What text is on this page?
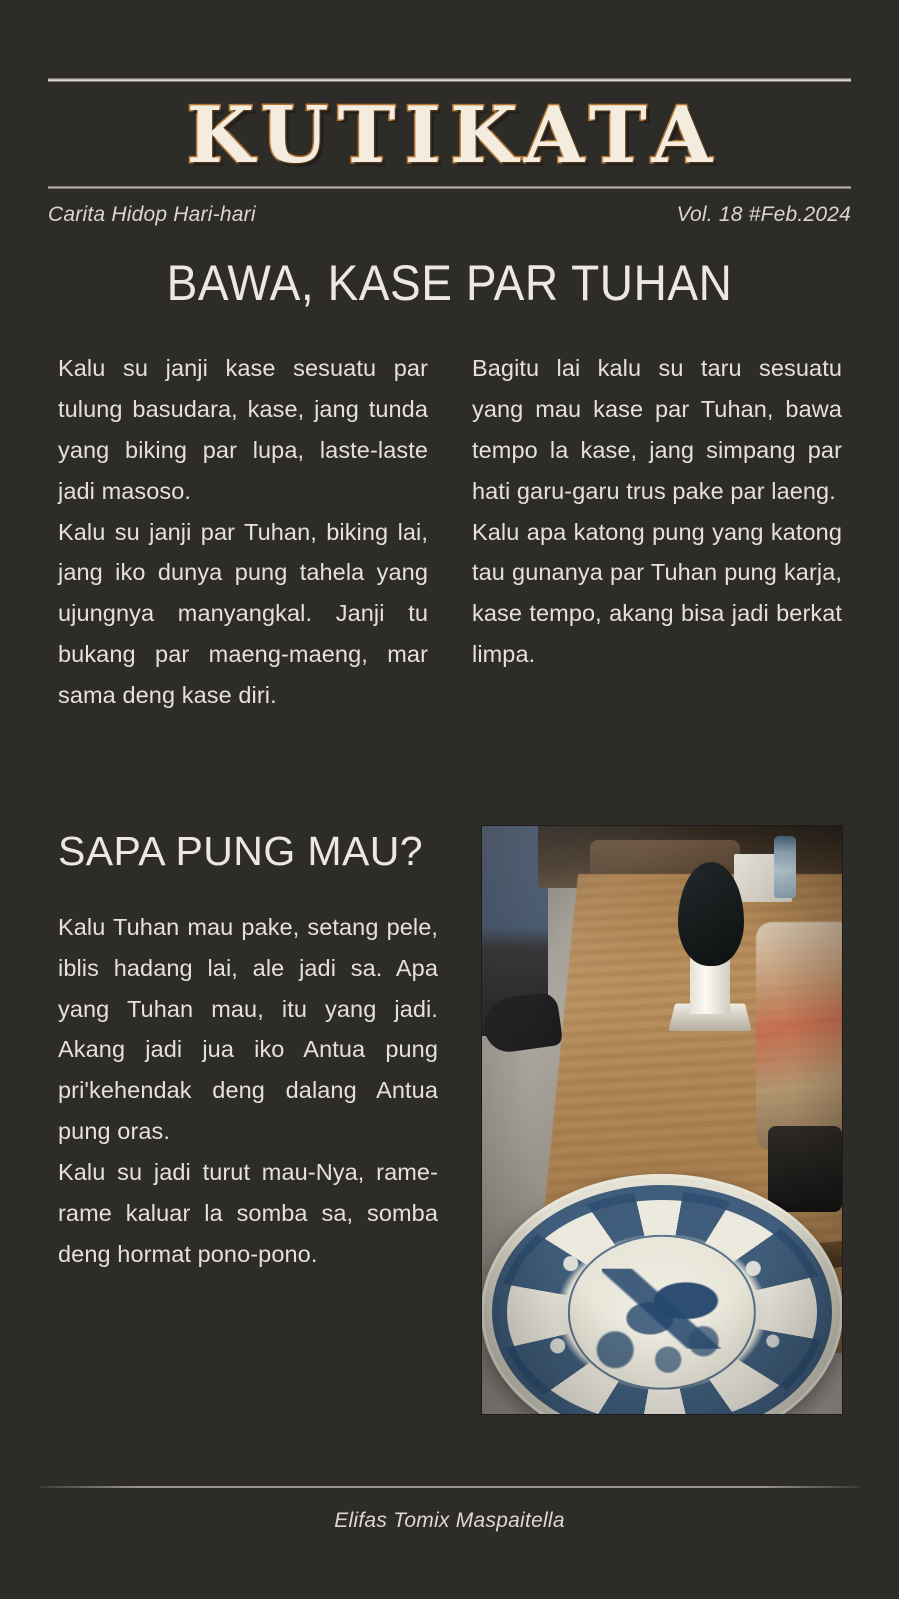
KUTIKATA
Carita Hidop Hari-hari	Vol. 18 #Feb.2024
BAWA, KASE PAR TUHAN

Kalu su janji kase sesuatu par tulung basudara, kase, jang tunda yang biking par lupa, laste-laste jadi masoso.

Kalu su janji par Tuhan, biking lai, jang iko dunya pung tahela yang ujungnya manyangkal. Janji tu bukang par maeng-maeng, mar sama deng kase diri.

Bagitu lai kalu su taru sesuatu yang mau kase par Tuhan, bawa tempo la kase, jang simpang par hati garu-garu trus pake par laeng.

Kalu apa katong pung yang katong tau gunanya par Tuhan pung karja, kase tempo, akang bisa jadi berkat limpa.

SAPA PUNG MAU?

Kalu Tuhan mau pake, setang pele, iblis hadang lai, ale jadi sa. Apa yang Tuhan mau, itu yang jadi. Akang jadi jua iko Antua pung pri'kehendak deng dalang Antua pung oras.

Kalu su jadi turut mau-Nya, rame-rame kaluar la somba sa, somba deng hormat pono-pono.

Elifas Tomix Maspaitella
